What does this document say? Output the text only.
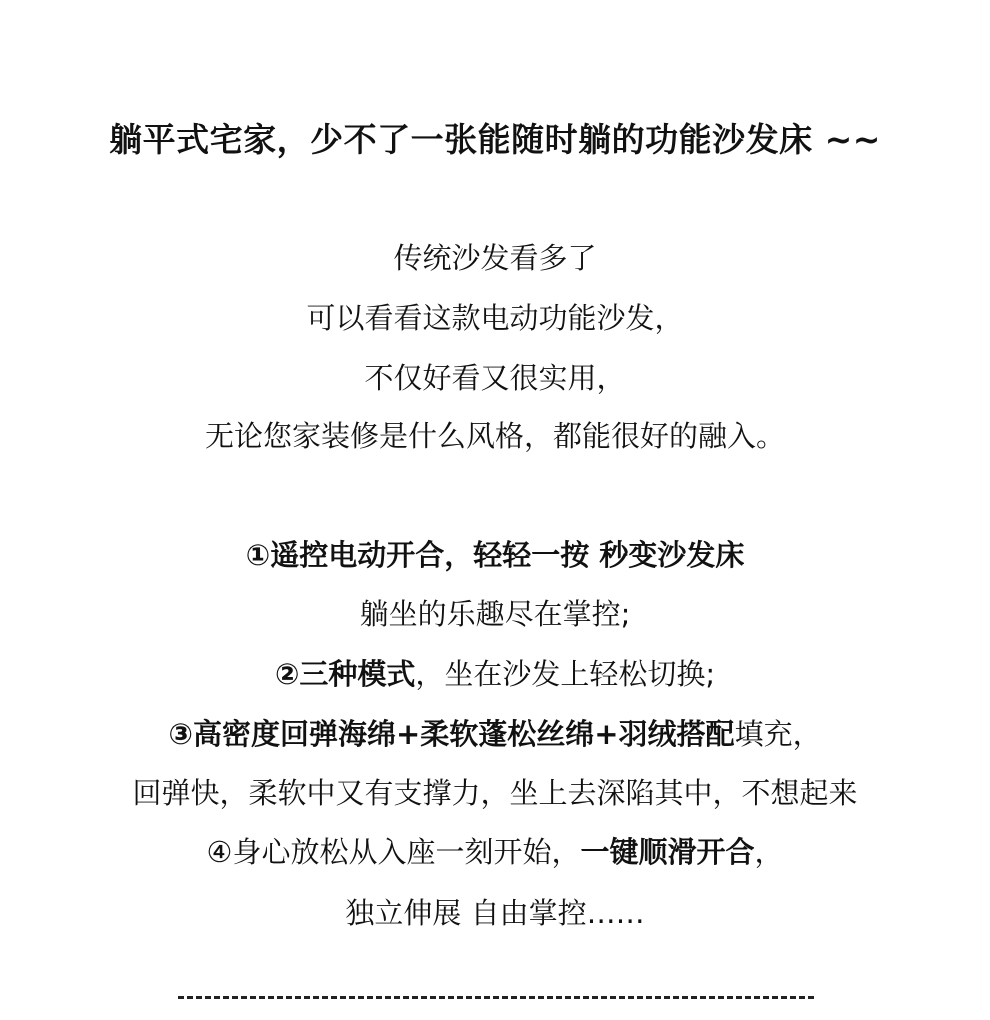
躺平式宅家，少不了一张能随时躺的功能沙发床 ~~
传统沙发看多了
可以看看这款电动功能沙发，
不仅好看又很实用，
无论您家装修是什么风格，都能很好的融入。
①遥控电动开合，轻轻一按 秒变沙发床
躺坐的乐趣尽在掌控;
②三种模式，坐在沙发上轻松切换;
③高密度回弹海绵+柔软蓬松丝绵+羽绒搭配填充，
回弹快，柔软中又有支撑力，坐上去深陷其中，不想起来
④身心放松从入座一刻开始，一键顺滑开合，
独立伸展 自由掌控……
